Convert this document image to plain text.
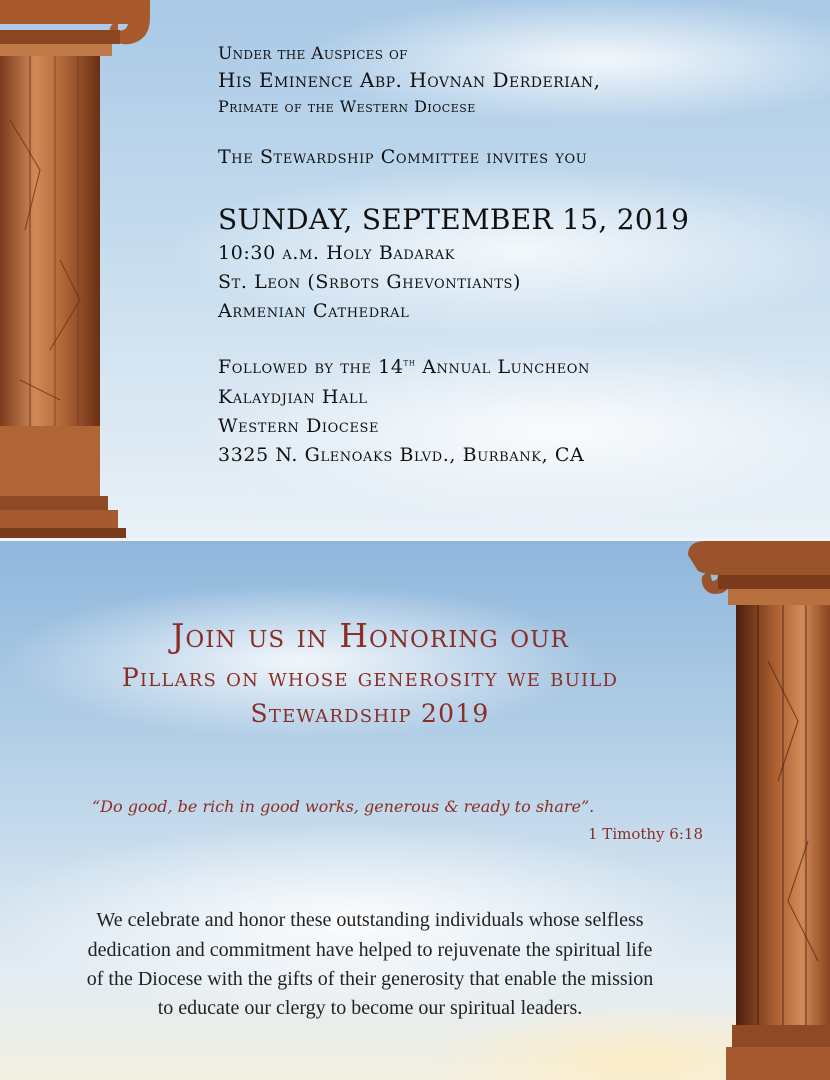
Under the Auspices of
His Eminence Abp. Hovnan Derderian,
Primate of the Western Diocese
The Stewardship Committee invites you
SUNDAY, SEPTEMBER 15, 2019
10:30 a.m. Holy Badarak
St. Leon (Srbots Ghevontiants)
Armenian Cathedral
Followed by the 14th Annual Luncheon
Kalaydjian Hall
Western Diocese
3325 N. Glenoaks Blvd., Burbank, CA
Join us in Honoring our
Pillars on whose generosity we build
Stewardship 2019
“Do good, be rich in good works, generous & ready to share”.
1 Timothy 6:18
We celebrate and honor these outstanding individuals whose selfless
dedication and commitment have helped to rejuvenate the spiritual life
of the Diocese with the gifts of their generosity that enable the mission
to educate our clergy to become our spiritual leaders.
